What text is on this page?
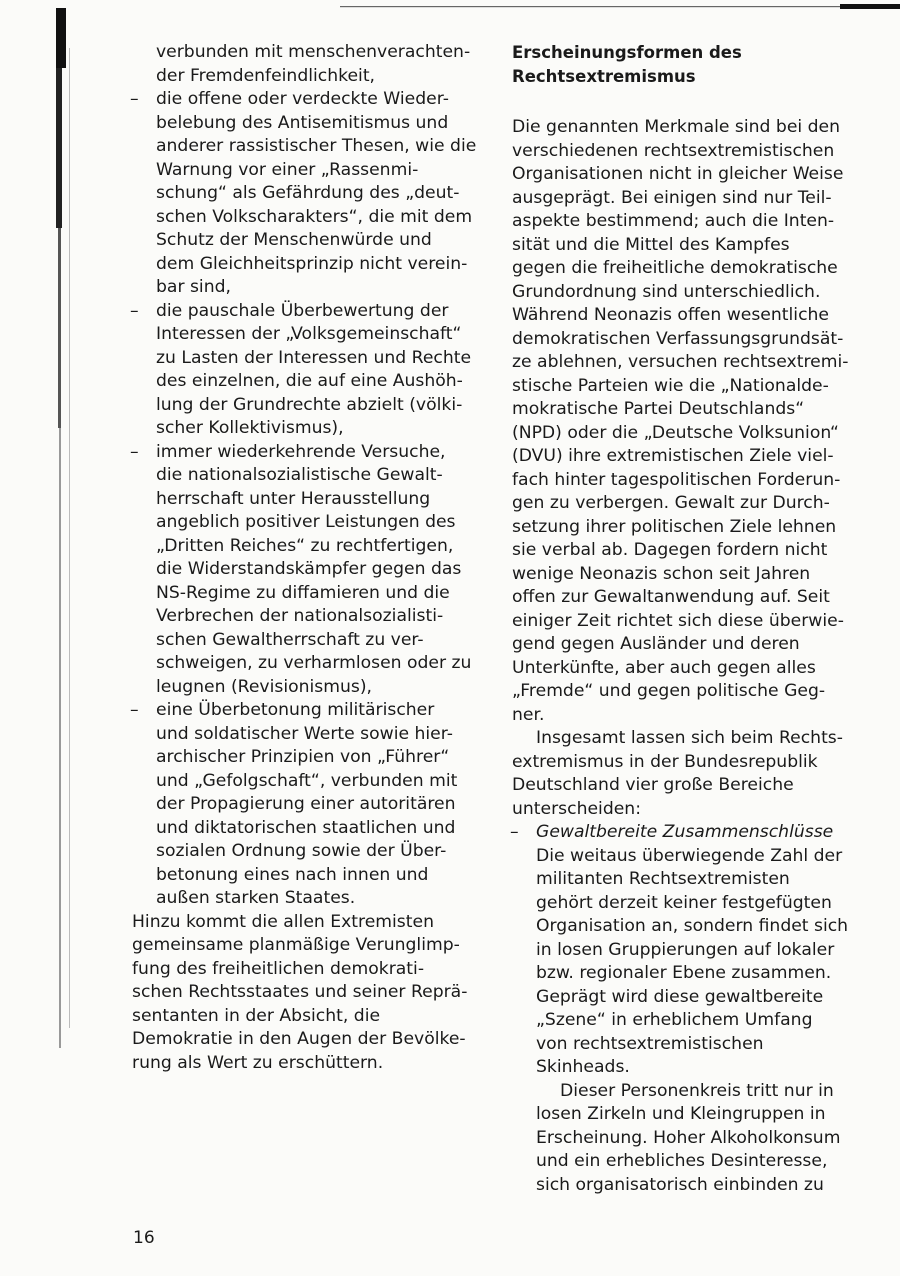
verbunden mit menschenverachten-
der Fremdenfeindlichkeit,
– die offene oder verdeckte Wieder-
belebung des Antisemitismus und
anderer rassistischer Thesen, wie die
Warnung vor einer „Rassenmi-
schung“ als Gefährdung des „deut-
schen Volkscharakters“, die mit dem
Schutz der Menschenwürde und
dem Gleichheitsprinzip nicht verein-
bar sind,
– die pauschale Überbewertung der
Interessen der „Volksgemeinschaft“
zu Lasten der Interessen und Rechte
des einzelnen, die auf eine Aushöh-
lung der Grundrechte abzielt (völki-
scher Kollektivismus),
– immer wiederkehrende Versuche,
die nationalsozialistische Gewalt-
herrschaft unter Herausstellung
angeblich positiver Leistungen des
„Dritten Reiches“ zu rechtfertigen,
die Widerstandskämpfer gegen das
NS-Regime zu diffamieren und die
Verbrechen der nationalsozialisti-
schen Gewaltherrschaft zu ver-
schweigen, zu verharmlosen oder zu
leugnen (Revisionismus),
– eine Überbetonung militärischer
und soldatischer Werte sowie hier-
archischer Prinzipien von „Führer“
und „Gefolgschaft“, verbunden mit
der Propagierung einer autoritären
und diktatorischen staatlichen und
sozialen Ordnung sowie der Über-
betonung eines nach innen und
außen starken Staates.
Hinzu kommt die allen Extremisten
gemeinsame planmäßige Verunglimp-
fung des freiheitlichen demokrati-
schen Rechtsstaates und seiner Reprä-
sentanten in der Absicht, die
Demokratie in den Augen der Bevölke-
rung als Wert zu erschüttern.
Erscheinungsformen des
Rechtsextremismus
Die genannten Merkmale sind bei den
verschiedenen rechtsextremistischen
Organisationen nicht in gleicher Weise
ausgeprägt. Bei einigen sind nur Teil-
aspekte bestimmend; auch die Inten-
sität und die Mittel des Kampfes
gegen die freiheitliche demokratische
Grundordnung sind unterschiedlich.
Während Neonazis offen wesentliche
demokratischen Verfassungsgrundsät-
ze ablehnen, versuchen rechtsextremi-
stische Parteien wie die „Nationalde-
mokratische Partei Deutschlands“
(NPD) oder die „Deutsche Volksunion“
(DVU) ihre extremistischen Ziele viel-
fach hinter tagespolitischen Forderun-
gen zu verbergen. Gewalt zur Durch-
setzung ihrer politischen Ziele lehnen
sie verbal ab. Dagegen fordern nicht
wenige Neonazis schon seit Jahren
offen zur Gewaltanwendung auf. Seit
einiger Zeit richtet sich diese überwie-
gend gegen Ausländer und deren
Unterkünfte, aber auch gegen alles
„Fremde“ und gegen politische Geg-
ner.
Insgesamt lassen sich beim Rechts-
extremismus in der Bundesrepublik
Deutschland vier große Bereiche
unterscheiden:
– Gewaltbereite Zusammenschlüsse
Die weitaus überwiegende Zahl der
militanten Rechtsextremisten
gehört derzeit keiner festgefügten
Organisation an, sondern findet sich
in losen Gruppierungen auf lokaler
bzw. regionaler Ebene zusammen.
Geprägt wird diese gewaltbereite
„Szene“ in erheblichem Umfang
von rechtsextremistischen
Skinheads.
Dieser Personenkreis tritt nur in
losen Zirkeln und Kleingruppen in
Erscheinung. Hoher Alkoholkonsum
und ein erhebliches Desinteresse,
sich organisatorisch einbinden zu
16
